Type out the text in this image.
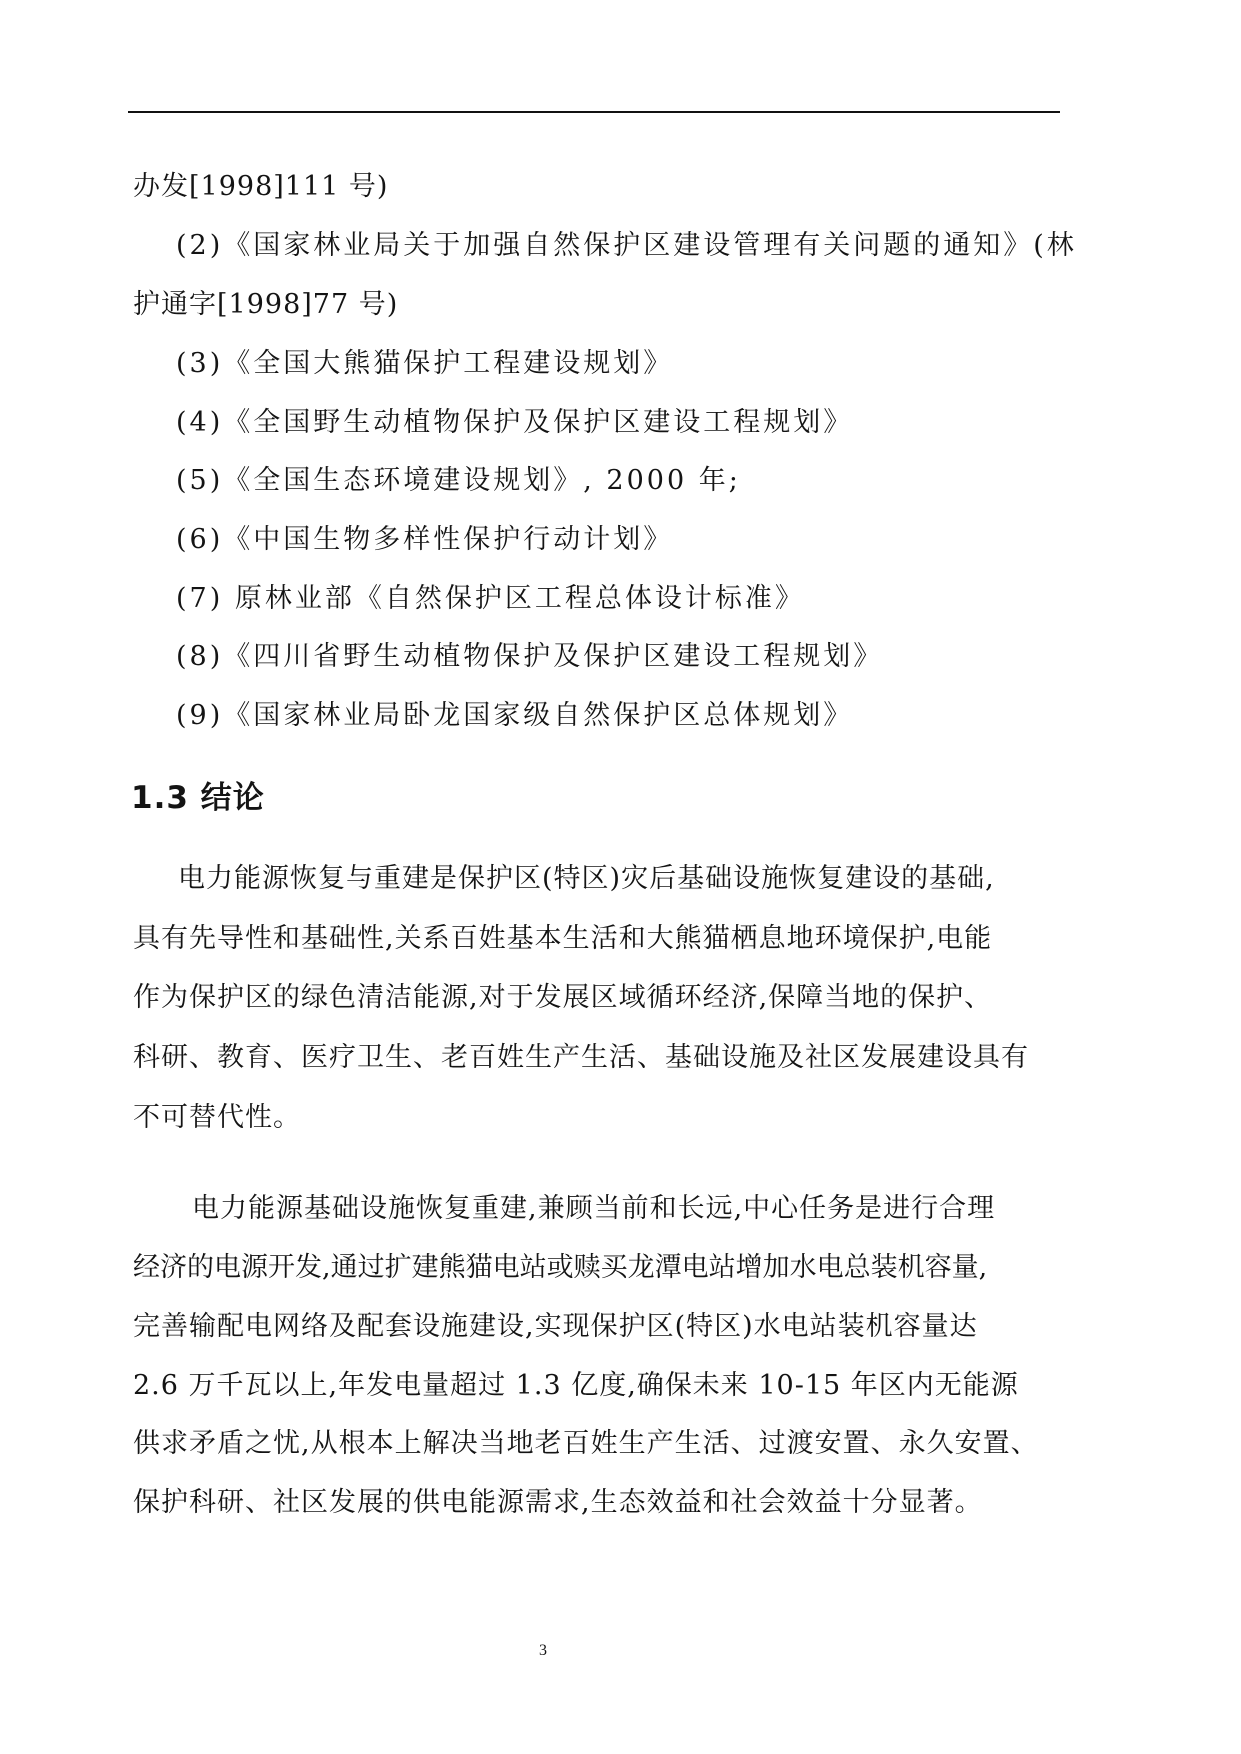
办发[1998]111 号)
(2)《国家林业局关于加强自然保护区建设管理有关问题的通知》(林
护通字[1998]77 号)
(3)《全国大熊猫保护工程建设规划》
(4)《全国野生动植物保护及保护区建设工程规划》
(5)《全国生态环境建设规划》, 2000 年;
(6)《中国生物多样性保护行动计划》
(7) 原林业部《自然保护区工程总体设计标准》
(8)《四川省野生动植物保护及保护区建设工程规划》
(9)《国家林业局卧龙国家级自然保护区总体规划》
1.3 结论
电力能源恢复与重建是保护区(特区)灾后基础设施恢复建设的基础,
具有先导性和基础性,关系百姓基本生活和大熊猫栖息地环境保护,电能
作为保护区的绿色清洁能源,对于发展区域循环经济,保障当地的保护、
科研、教育、医疗卫生、老百姓生产生活、基础设施及社区发展建设具有
不可替代性。
电力能源基础设施恢复重建,兼顾当前和长远,中心任务是进行合理
经济的电源开发,通过扩建熊猫电站或赎买龙潭电站增加水电总装机容量,
完善输配电网络及配套设施建设,实现保护区(特区)水电站装机容量达
2.6 万千瓦以上,年发电量超过 1.3 亿度,确保未来 10-15 年区内无能源
供求矛盾之忧,从根本上解决当地老百姓生产生活、过渡安置、永久安置、
保护科研、社区发展的供电能源需求,生态效益和社会效益十分显著。
3
